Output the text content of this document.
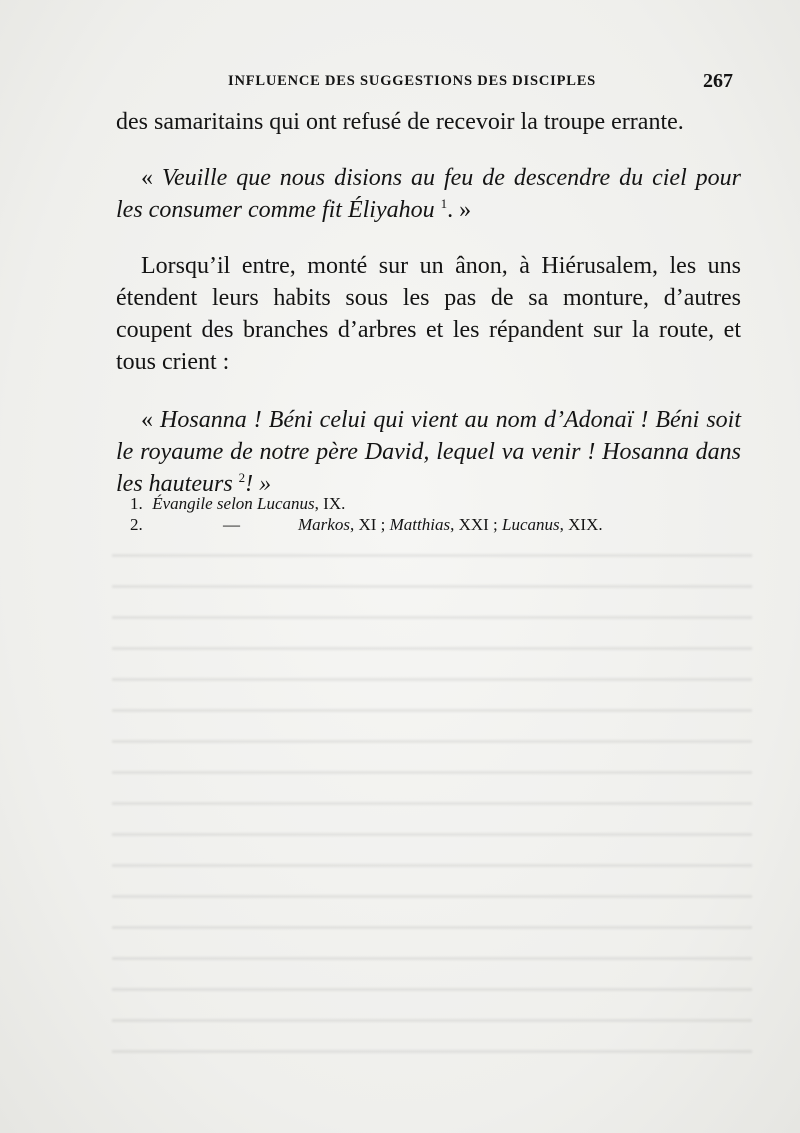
INFLUENCE DES SUGGESTIONS DES DISCIPLES	267

des samaritains qui ont refusé de recevoir la troupe errante.

« Veuille que nous disions au feu de descendre du ciel pour les consumer comme fit Éliyahou $^1$. »

Lorsqu’il entre, monté sur un ânon, à Hiérusalem, les uns étendent leurs habits sous les pas de sa monture, d’autres coupent des branches d’arbres et les répandent sur la route, et tous crient :

« Hosanna ! Béni celui qui vient au nom d’Adonaï ! Béni soit le royaume de notre père David, lequel va venir ! Hosanna dans les hauteurs $^2$! »

1. Évangile selon Lucanus, IX.
2.	—	Markos, XI ; Matthias, XXI ; Lucanus, XIX.
